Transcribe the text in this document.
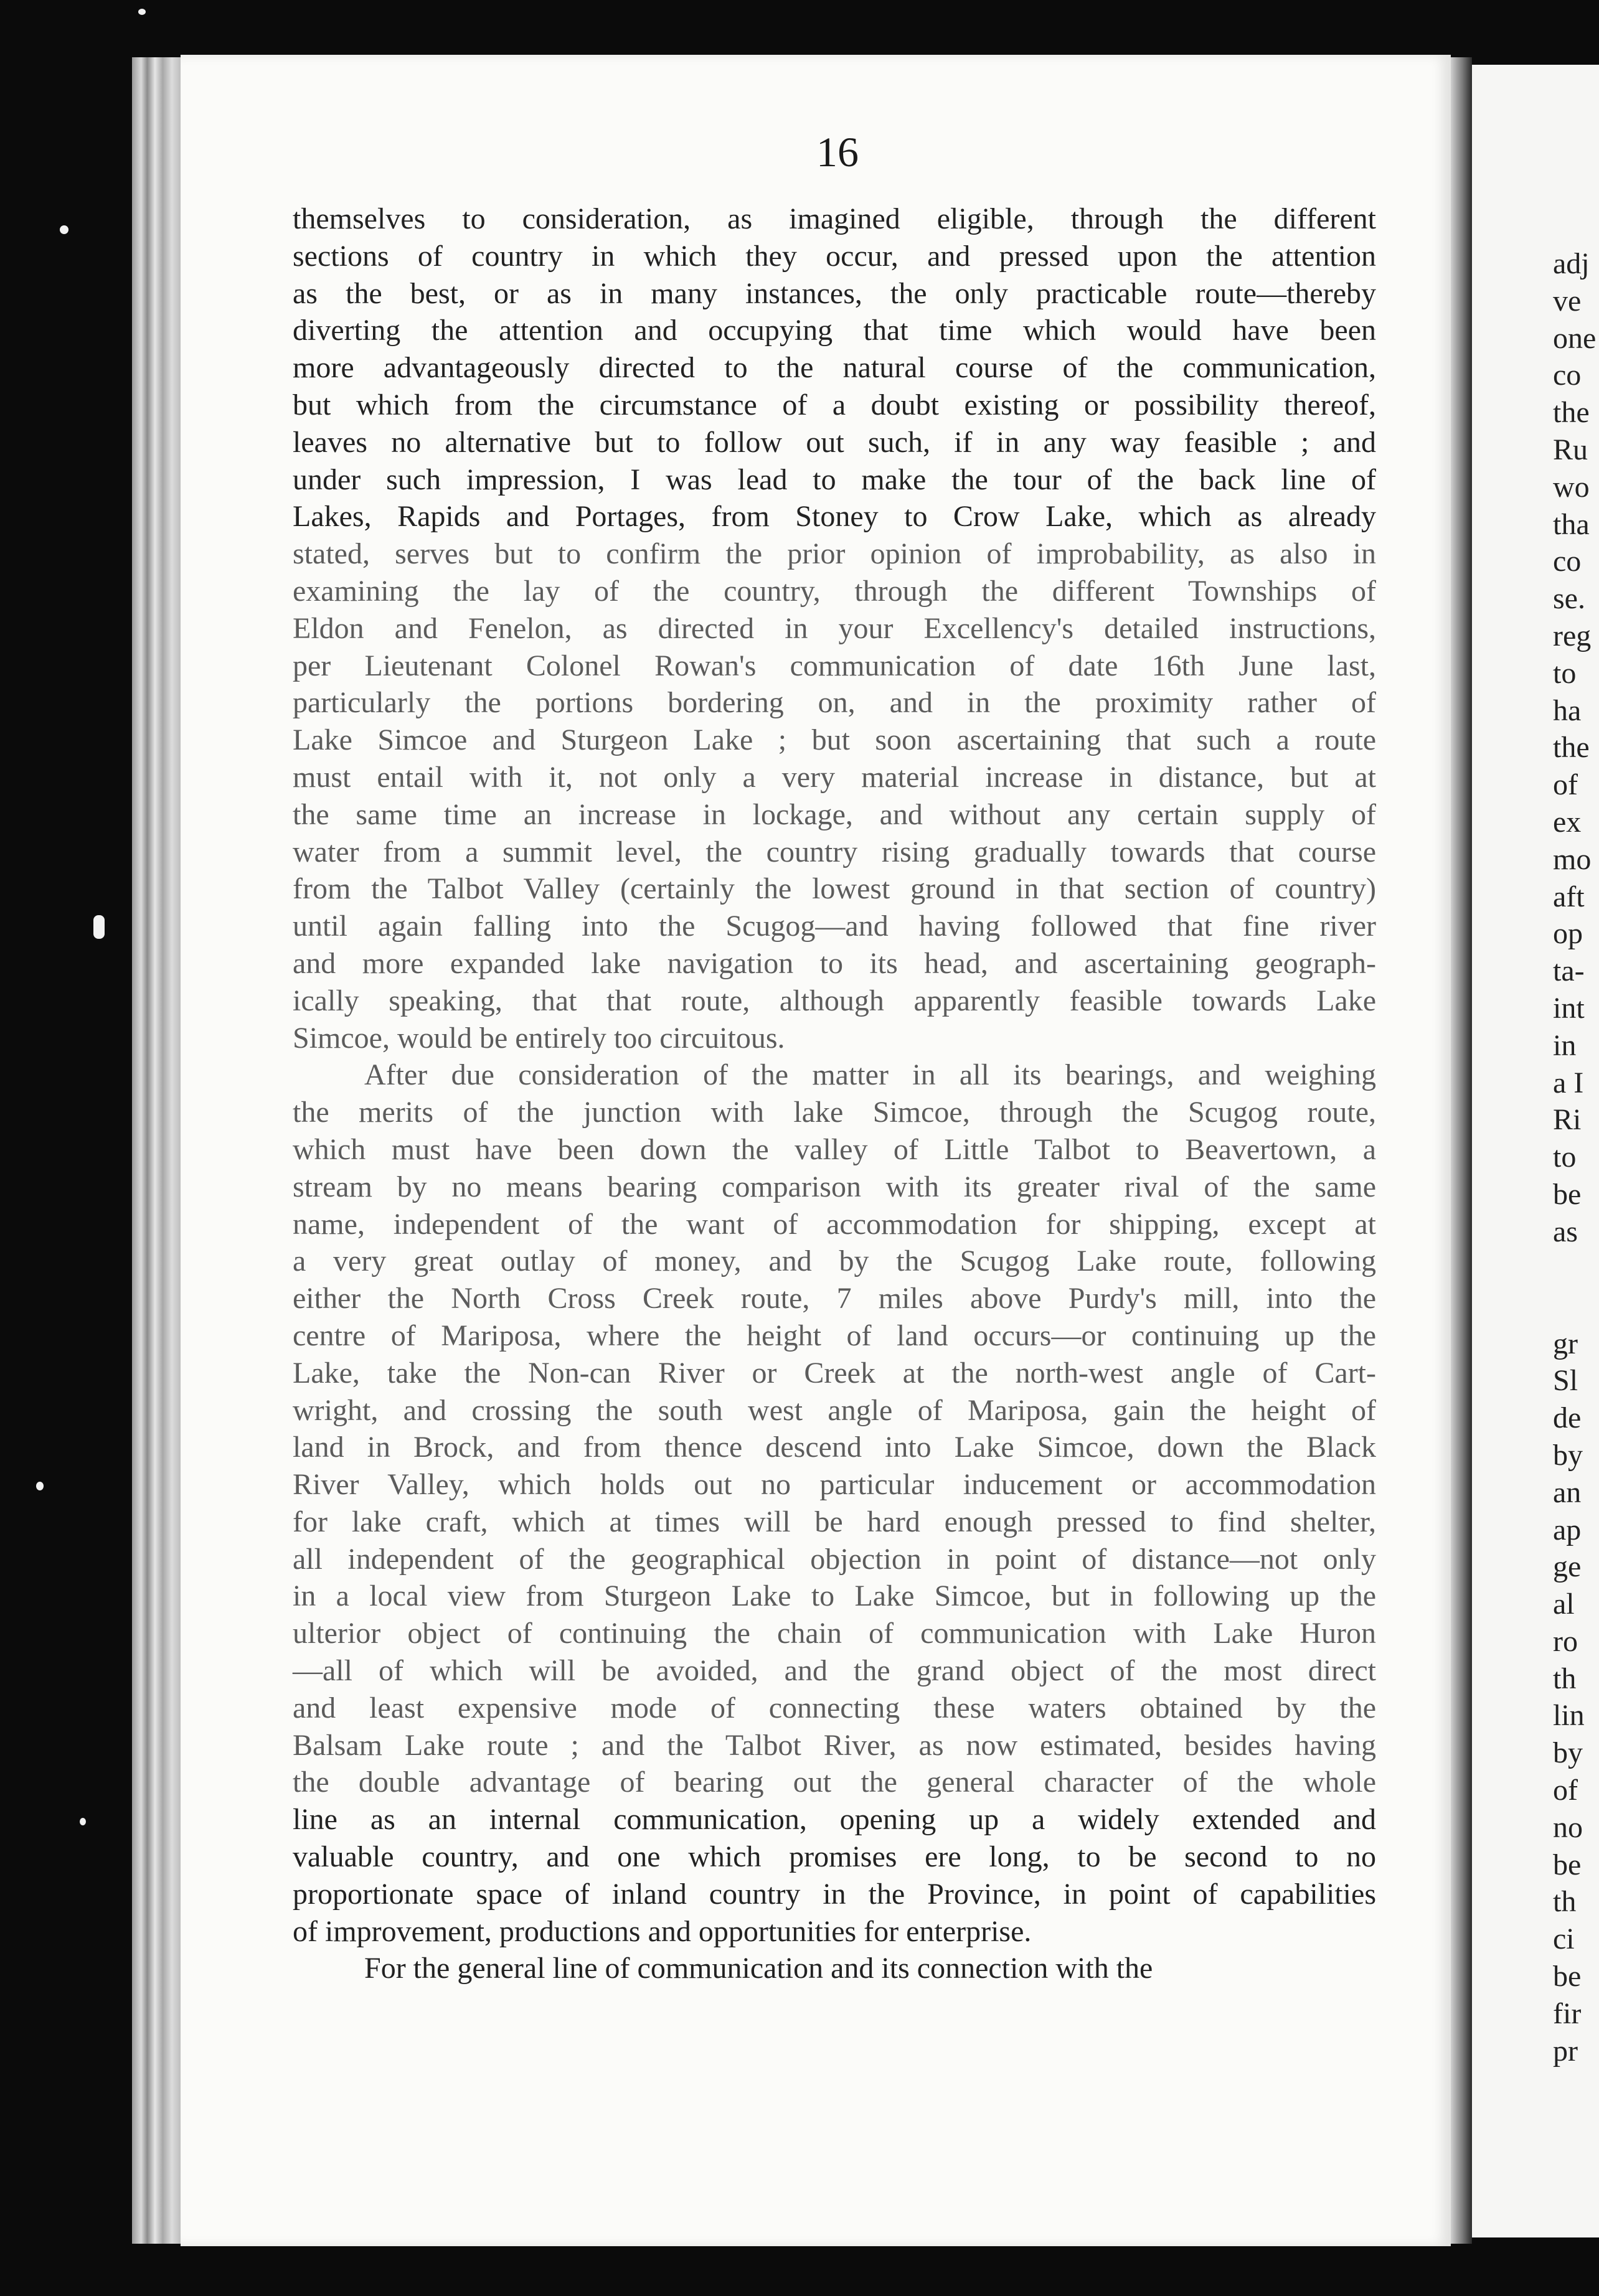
adj
ve
one
co
the
Ru
wo
tha
co
se.
reg
to
ha
the
of
ex
mo
aft
op
ta-
int
in
a I
Ri
to
be
as
gr
Sl
de
by
an
ap
ge
al
ro
th
lin
by
of
no
be
th
ci
be
fir
pr
16
themselves to consideration, as imagined eligible, through the different
sections of country in which they occur, and pressed upon the attention
as the best, or as in many instances, the only practicable route—thereby
diverting the attention and occupying that time which would have been
more advantageously directed to the natural course of the communication,
but which from the circumstance of a doubt existing or possibility thereof,
leaves no alternative but to follow out such, if in any way feasible ; and
under such impression, I was lead to make the tour of the back line of
Lakes, Rapids and Portages, from Stoney to Crow Lake, which as already
stated, serves but to confirm the prior opinion of improbability, as also in
examining the lay of the country, through the different Townships of
Eldon and Fenelon, as directed in your Excellency's detailed instructions,
per Lieutenant Colonel Rowan's communication of date 16th June last,
particularly the portions bordering on, and in the proximity rather of
Lake Simcoe and Sturgeon Lake ; but soon ascertaining that such a route
must entail with it, not only a very material increase in distance, but at
the same time an increase in lockage, and without any certain supply of
water from a summit level, the country rising gradually towards that course
from the Talbot Valley (certainly the lowest ground in that section of country)
until again falling into the Scugog—and having followed that fine river
and more expanded lake navigation to its head, and ascertaining geograph-
ically speaking, that that route, although apparently feasible towards Lake
Simcoe, would be entirely too circuitous.
After due consideration of the matter in all its bearings, and weighing
the merits of the junction with lake Simcoe, through the Scugog route,
which must have been down the valley of Little Talbot to Beavertown, a
stream by no means bearing comparison with its greater rival of the same
name, independent of the want of accommodation for shipping, except at
a very great outlay of money, and by the Scugog Lake route, following
either the North Cross Creek route, 7 miles above Purdy's mill, into the
centre of Mariposa, where the height of land occurs—or continuing up the
Lake, take the Non-can River or Creek at the north-west angle of Cart-
wright, and crossing the south west angle of Mariposa, gain the height of
land in Brock, and from thence descend into Lake Simcoe, down the Black
River Valley, which holds out no particular inducement or accommodation
for lake craft, which at times will be hard enough pressed to find shelter,
all independent of the geographical objection in point of distance—not only
in a local view from Sturgeon Lake to Lake Simcoe, but in following up the
ulterior object of continuing the chain of communication with Lake Huron
—all of which will be avoided, and the grand object of the most direct
and least expensive mode of connecting these waters obtained by the
Balsam Lake route ; and the Talbot River, as now estimated, besides having
the double advantage of bearing out the general character of the whole
line as an internal communication, opening up a widely extended and
valuable country, and one which promises ere long, to be second to no
proportionate space of inland country in the Province, in point of capabilities
of improvement, productions and opportunities for enterprise.
For the general line of communication and its connection with the
